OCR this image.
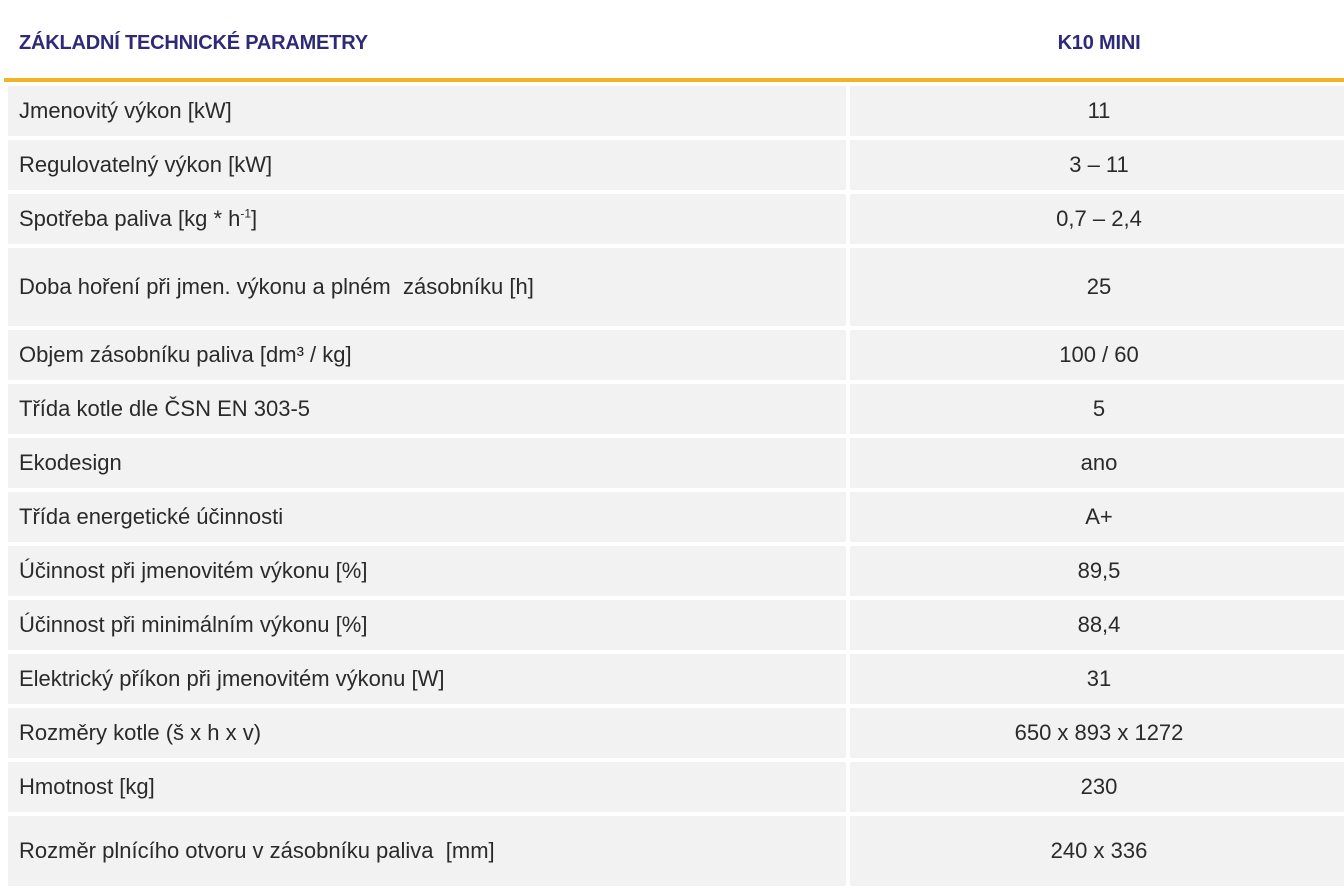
ZÁKLADNÍ TECHNICKÉ PARAMETRY	K10 MINI
Jmenovitý výkon [kW]	11
Regulovatelný výkon [kW]	3 – 11
Spotřeba paliva $[kg * h^{-1}]$	0,7 – 2,4
Doba hoření při jmen. výkonu a plném  zásobníku [h]	25
Objem zásobníku paliva [dm³ / kg]	100 / 60
Třída kotle dle ČSN EN 303-5	5
Ekodesign	ano
Třída energetické účinnosti	A+
Účinnost při jmenovitém výkonu [%]	89,5
Účinnost při minimálním výkonu [%]	88,4
Elektrický příkon při jmenovitém výkonu [W]	31
Rozměry kotle (š x h x v)	650 x 893 x 1272
Hmotnost [kg]	230
Rozměr plnícího otvoru v zásobníku paliva  [mm]	240 x 336
